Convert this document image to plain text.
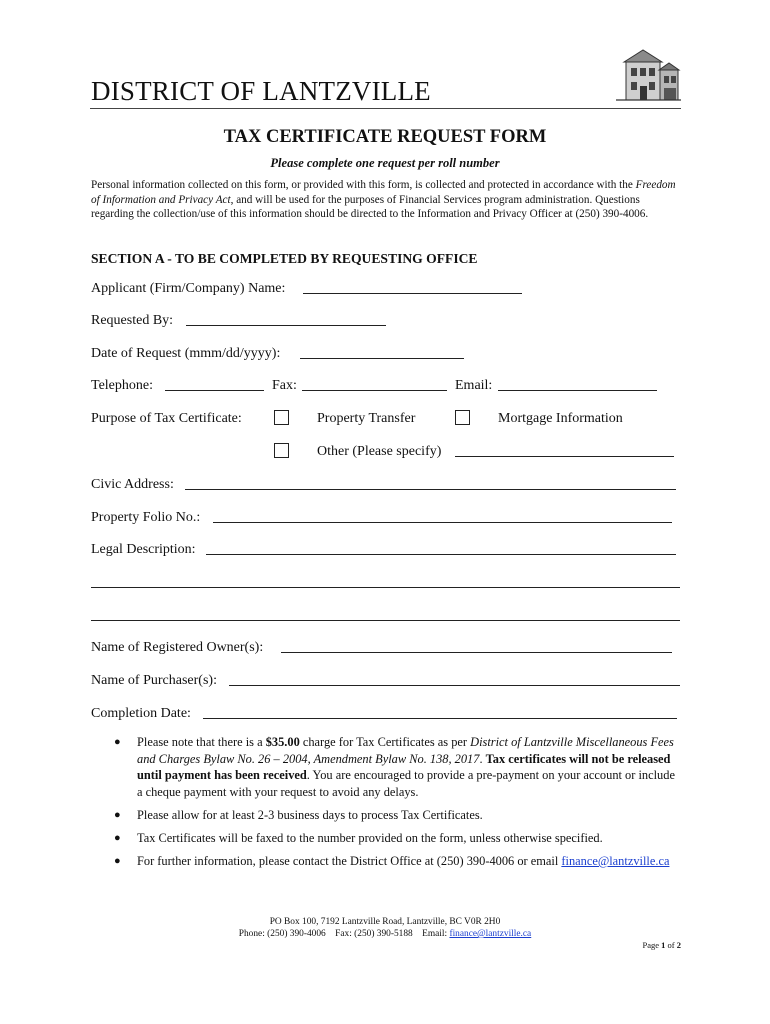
DISTRICT OF LANTZVILLE
TAX CERTIFICATE REQUEST FORM
Please complete one request per roll number
Personal information collected on this form, or provided with this form, is collected and protected in accordance with the Freedom of Information and Privacy Act, and will be used for the purposes of Financial Services program administration. Questions regarding the collection/use of this information should be directed to the Information and Privacy Officer at (250) 390-4006.
SECTION A - TO BE COMPLETED BY REQUESTING OFFICE
Applicant (Firm/Company) Name:
Requested By:
Date of Request (mmm/dd/yyyy):
Telephone:	Fax:	Email:
Purpose of Tax Certificate:	Property Transfer	Mortgage Information
Other (Please specify)
Civic Address:
Property Folio No.:
Legal Description:
Name of Registered Owner(s):
Name of Purchaser(s):
Completion Date:
● Please note that there is a $35.00 charge for Tax Certificates as per District of Lantzville Miscellaneous Fees and Charges Bylaw No. 26 – 2004, Amendment Bylaw No. 138, 2017. Tax certificates will not be released until payment has been received. You are encouraged to provide a pre-payment on your account or include a cheque payment with your request to avoid any delays.
● Please allow for at least 2-3 business days to process Tax Certificates.
● Tax Certificates will be faxed to the number provided on the form, unless otherwise specified.
● For further information, please contact the District Office at (250) 390-4006 or email finance@lantzville.ca
PO Box 100, 7192 Lantzville Road, Lantzville, BC V0R 2H0
Phone: (250) 390-4006 Fax: (250) 390-5188 Email: finance@lantzville.ca
Page 1 of 2
